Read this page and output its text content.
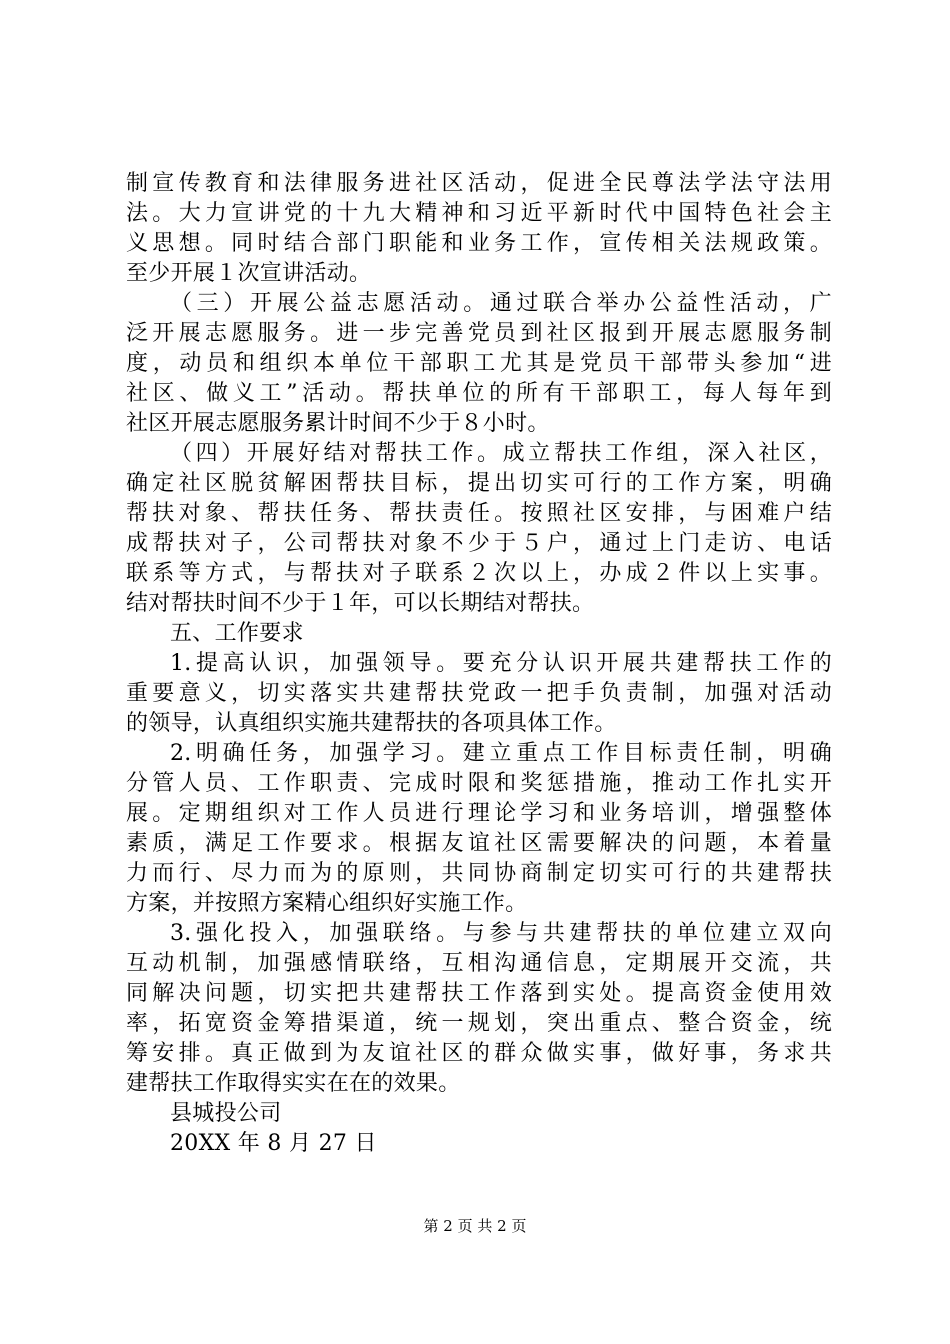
制宣传教育和法律服务进社区活动，促进全民尊法学法守法用
法。大力宣讲党的十九大精神和习近平新时代中国特色社会主
义思想。同时结合部门职能和业务工作，宣传相关法规政策。
至少开展１次宣讲活动。
（三）开展公益志愿活动。通过联合举办公益性活动，广
泛开展志愿服务。进一步完善党员到社区报到开展志愿服务制
度，动员和组织本单位干部职工尤其是党员干部带头参加“进
社区、做义工”活动。帮扶单位的所有干部职工，每人每年到
社区开展志愿服务累计时间不少于８小时。
（四）开展好结对帮扶工作。成立帮扶工作组，深入社区，
确定社区脱贫解困帮扶目标，提出切实可行的工作方案，明确
帮扶对象、帮扶任务、帮扶责任。按照社区安排，与困难户结
成帮扶对子，公司帮扶对象不少于５户，通过上门走访、电话
联系等方式，与帮扶对子联系２次以上，办成２件以上实事。
结对帮扶时间不少于１年，可以长期结对帮扶。
五、工作要求
1.提高认识，加强领导。要充分认识开展共建帮扶工作的
重要意义，切实落实共建帮扶党政一把手负责制，加强对活动
的领导，认真组织实施共建帮扶的各项具体工作。
2.明确任务，加强学习。建立重点工作目标责任制，明确
分管人员、工作职责、完成时限和奖惩措施，推动工作扎实开
展。定期组织对工作人员进行理论学习和业务培训，增强整体
素质，满足工作要求。根据友谊社区需要解决的问题，本着量
力而行、尽力而为的原则，共同协商制定切实可行的共建帮扶
方案，并按照方案精心组织好实施工作。
3.强化投入，加强联络。与参与共建帮扶的单位建立双向
互动机制，加强感情联络，互相沟通信息，定期展开交流，共
同解决问题，切实把共建帮扶工作落到实处。提高资金使用效
率，拓宽资金筹措渠道，统一规划，突出重点、整合资金，统
筹安排。真正做到为友谊社区的群众做实事，做好事，务求共
建帮扶工作取得实实在在的效果。
县城投公司
20XX 年 8 月 27 日
第 2 页 共 2 页
